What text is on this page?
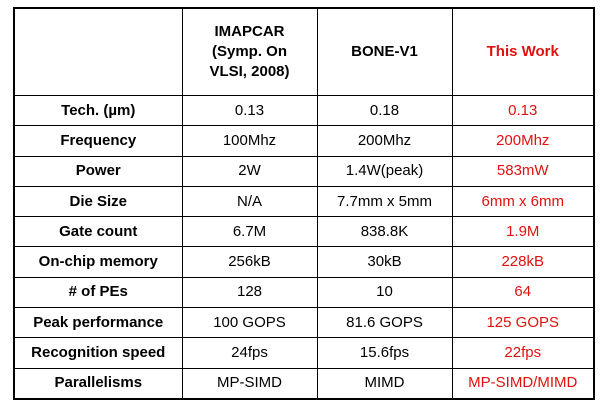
	IMAPCAR
(Symp. On
VLSI, 2008)	BONE-V1	This Work

Tech. (µm)	0.13	0.18	0.13
Frequency	100Mhz	200Mhz	200Mhz
Power	2W	1.4W(peak)	583mW
Die Size	N/A	7.7mm x 5mm	6mm x 6mm
Gate count	6.7M	838.8K	1.9M
On-chip memory	256kB	30kB	228kB
# of PEs	128	10	64
Peak performance	100 GOPS	81.6 GOPS	125 GOPS
Recognition speed	24fps	15.6fps	22fps
Parallelisms	MP-SIMD	MIMD	MP-SIMD/MIMD
